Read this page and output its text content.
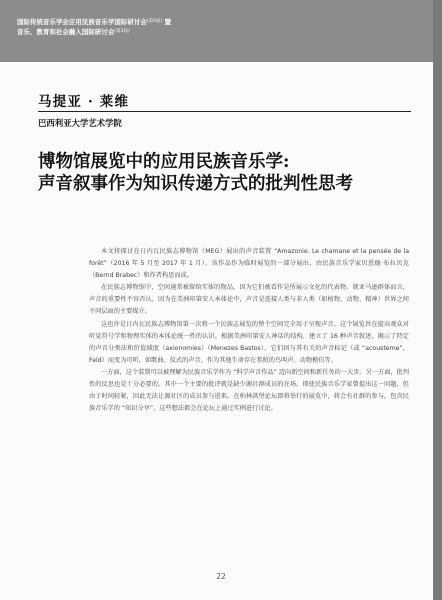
国际传统音乐学会应用民族音乐学国际研讨会$^{(第6届)}$ 暨
音乐、教育和社会融入国际研讨会$^{(第3届)}$
马提亚 · 莱维
巴西利亚大学艺术学院
博物馆展览中的应用民族音乐学:
声音叙事作为知识传递方式的批判性思考

本文将探讨在日内瓦民族志博物馆（MEG）展出的声音装置 “Amazonie. Le chamane et la pensée de la forêt”（2016 年 5 月至 2017 年 1 月）。该作品作为临时展览的一部分展出，由民族音乐学家贝恩德·布拉贝克（Bernd Brabec）和作者构思而成。

在民族志博物馆中，空间通常被留给实体的物品，因为它们被看作是所展示文化的代表物。就亚马逊群体而言，声音的重要性不容否认，因为在美洲印第安人本体论中，声音是连接人类与非人类（如植物、动物、精神）世界之间不同层面的主要媒介。

这也许是日内瓦民族志博物馆第一次将一个民族志展览的整个空间完全用于呈现声音。这个展览旨在提高观众对听觉符号学和物理实体的本体论统一性的认识。根据美洲印第安人神话的结构，建立了 16 种声音叙述，揭示了特定的声音分类法和价值域度（axionomies）（Menezes Bastos）。它们因与其有关的声音标记（或 “acousteme”，Feld）而变为可听，如歌曲、仪式的声音、作为其他生命存在参照的鸟叫声、动物模仿等。

一方面，这个装置可以被理解为民族音乐学作为 “科学声音作品” 迈向新空间和新任务的一大步。另一方面，批判性的反思也是十分必要的。其中一个主要的批评就是缺少源社群成员的在场。即使民族音乐学家曾提出这一问题，但由于时间较紧，因此无法让源社区的成员参与进来。在柏林洪堡论坛即将举行的展览中，将会有社群的参与，包含民族音乐学的 “知识分享”。这些想法都会在论坛上通过实例进行讨论。

22
